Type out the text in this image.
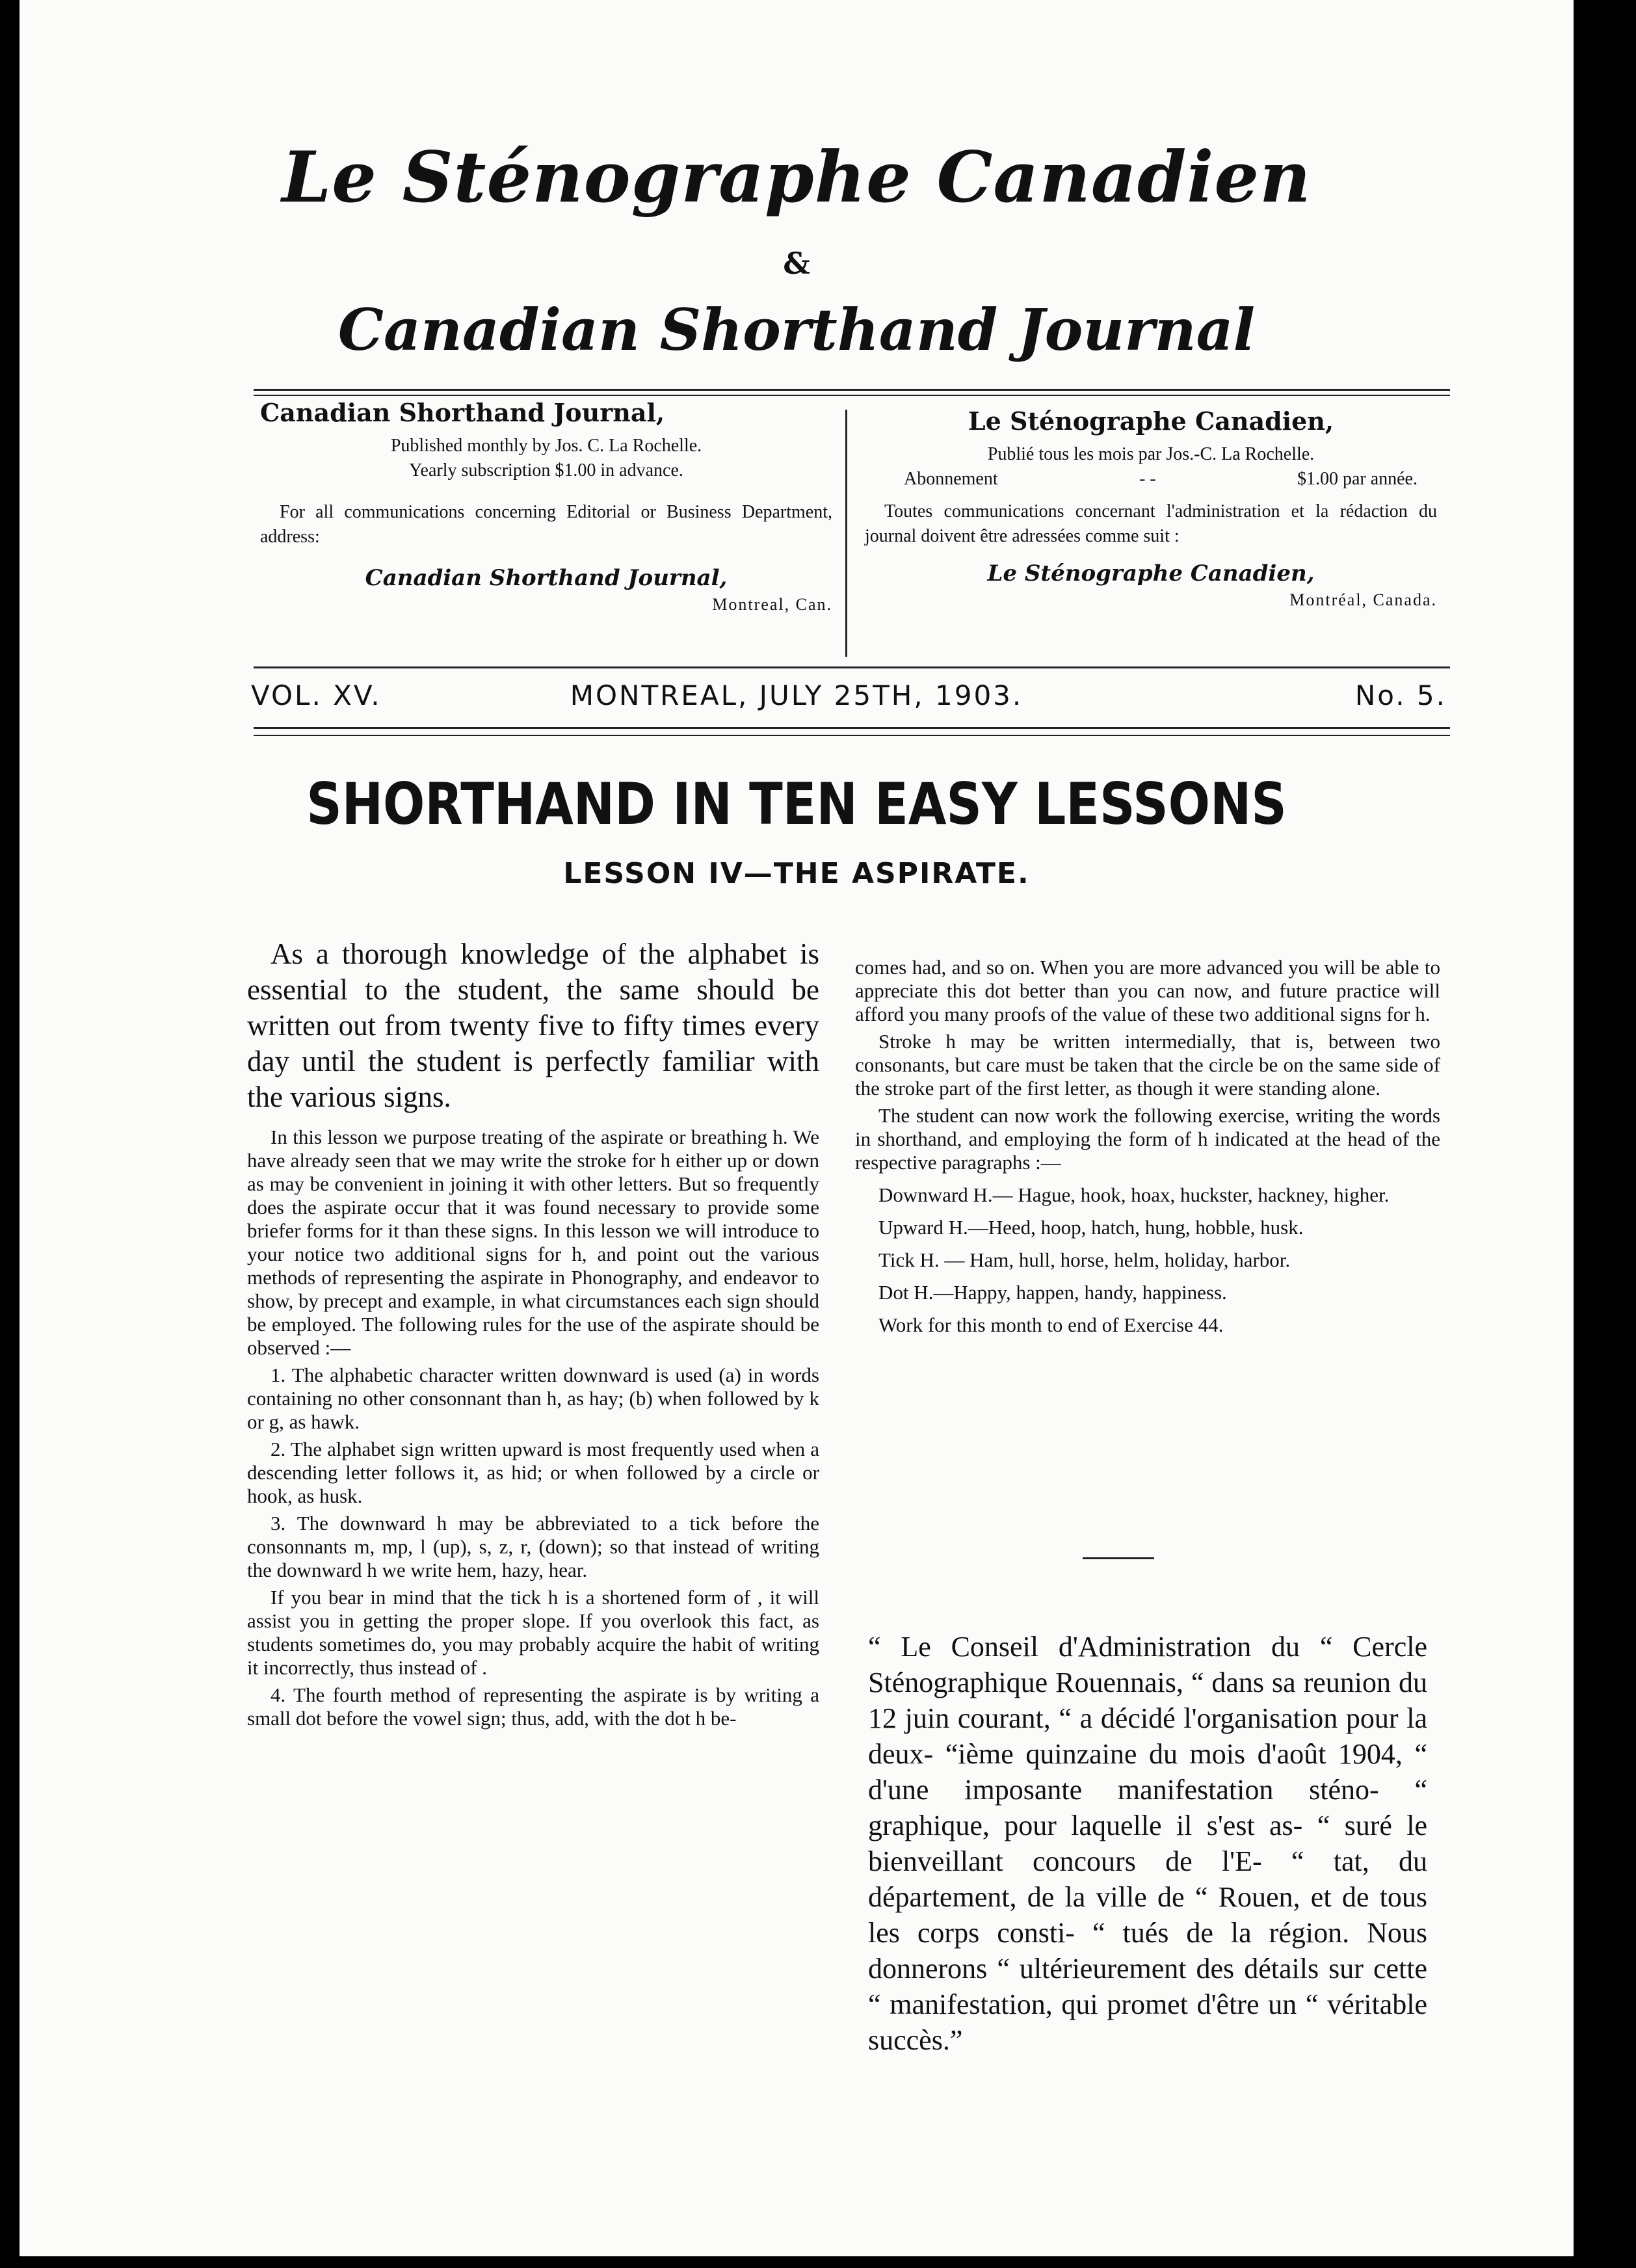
Le Sténographe Canadien
&
Canadian Shorthand Journal
Canadian Shorthand Journal,
Published monthly by Jos. C. La Rochelle.
Yearly subscription $1.00 in advance.
For all communications concerning Editorial or Business Department, address:
Canadian Shorthand Journal,
Montreal, Can.
Le Sténographe Canadien,
Publié tous les mois par Jos.-C. La Rochelle.
Abonnement	- -	$1.00 par année.
Toutes communications concernant l'administration et la rédaction du journal doivent être adressées comme suit :
Le Sténographe Canadien,
Montréal, Canada.
VOL. XV.	MONTREAL, JULY 25TH, 1903.	No. 5.
SHORTHAND IN TEN EASY LESSONS
LESSON IV—THE ASPIRATE.

As a thorough knowledge of the alphabet is essential to the student, the same should be written out from twenty five to fifty times every day until the student is perfectly familiar with the various signs.

In this lesson we purpose treating of the aspirate or breathing h. We have already seen that we may write the stroke for h either up or down as may be convenient in joining it with other letters. But so frequently does the aspirate occur that it was found necessary to provide some briefer forms for it than these signs. In this lesson we will introduce to your notice two additional signs for h, and point out the various methods of representing the aspirate in Phonography, and endeavor to show, by precept and example, in what circumstances each sign should be employed. The following rules for the use of the aspirate should be observed :—

1. The alphabetic character written downward is used (a) in words containing no other consonnant than h, as hay; (b) when followed by k or g, as hawk.

2. The alphabet sign written upward is most frequently used when a descending letter follows it, as hid; or when followed by a circle or hook, as husk.

3. The downward h may be abbreviated to a tick before the consonnants m, mp, l (up), s, z, r, (down); so that instead of writing the downward h we write hem, hazy, hear.

If you bear in mind that the tick h is a shortened form of , it will assist you in getting the proper slope. If you overlook this fact, as students sometimes do, you may probably acquire the habit of writing it incorrectly, thus instead of .

4. The fourth method of representing the aspirate is by writing a small dot before the vowel sign; thus, add, with the dot h be-

comes had, and so on. When you are more advanced you will be able to appreciate this dot better than you can now, and future practice will afford you many proofs of the value of these two additional signs for h.

Stroke h may be written intermedially, that is, between two consonants, but care must be taken that the circle be on the same side of the stroke part of the first letter, as though it were standing alone.

The student can now work the following exercise, writing the words in shorthand, and employing the form of h indicated at the head of the respective paragraphs :—

Downward H.— Hague, hook, hoax, huckster, hackney, higher.

Upward H.—Heed, hoop, hatch, hung, hobble, husk.

Tick H. — Ham, hull, horse, helm, holiday, harbor.

Dot H.—Happy, happen, handy, happiness.

Work for this month to end of Exercise 44.

“ Le Conseil d'Administration du “ Cercle Sténographique Rouennais, “ dans sa reunion du 12 juin courant, “ a décidé l'organisation pour la deux- “ième quinzaine du mois d'août 1904, “ d'une imposante manifestation sténo- “ graphique, pour laquelle il s'est as- “ suré le bienveillant concours de l'E- “ tat, du département, de la ville de “ Rouen, et de tous les corps consti- “ tués de la région. Nous donnerons “ ultérieurement des détails sur cette “ manifestation, qui promet d'être un “ véritable succès.”
